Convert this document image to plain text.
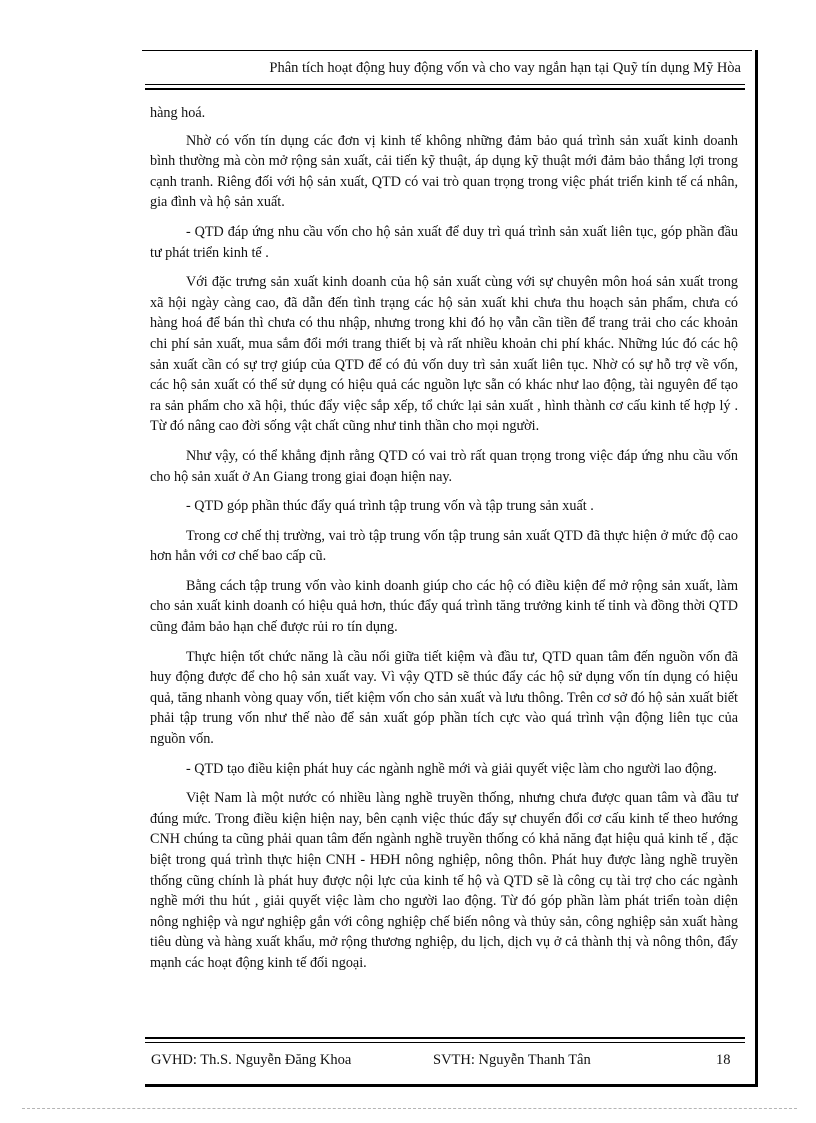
Phân tích hoạt động huy động vốn và cho vay ngắn hạn tại Quỹ tín dụng Mỹ Hòa

hàng hoá.

Nhờ có vốn tín dụng các đơn vị kinh tế không những đảm bảo quá trình sản xuất kinh doanh bình thường mà còn mở rộng sản xuất, cải tiến kỹ thuật, áp dụng kỹ thuật mới đảm bảo thắng lợi trong cạnh tranh. Riêng đối với hộ sản xuất, QTD có vai trò quan trọng trong việc phát triển kinh tế cá nhân, gia đình và hộ sản xuất.

- QTD đáp ứng nhu cầu vốn cho hộ sản xuất để duy trì quá trình sản xuất liên tục, góp phần đầu tư phát triển kinh tế .

Với đặc trưng sản xuất kinh doanh của hộ sản xuất cùng với sự chuyên môn hoá sản xuất trong xã hội ngày càng cao, đã dẫn đến tình trạng các hộ sản xuất khi chưa thu hoạch sản phẩm, chưa có hàng hoá để bán thì chưa có thu nhập, nhưng trong khi đó họ vẫn cần tiền để trang trải cho các khoản chi phí sản xuất, mua sắm đổi mới trang thiết bị và rất nhiều khoản chi phí khác. Những lúc đó các hộ sản xuất cần có sự trợ giúp của QTD để có đủ vốn duy trì sản xuất liên tục. Nhờ có sự hỗ trợ về vốn, các hộ sản xuất có thể sử dụng có hiệu quả các nguồn lực sẵn có khác như lao động, tài nguyên để tạo ra sản phẩm cho xã hội, thúc đẩy việc sắp xếp, tổ chức lại sản xuất , hình thành cơ cấu kinh tế hợp lý . Từ đó nâng cao đời sống vật chất cũng như tinh thần cho mọi người.

Như vậy, có thể khẳng định rằng QTD có vai trò rất quan trọng trong việc đáp ứng nhu cầu vốn cho hộ sản xuất ở An Giang trong giai đoạn hiện nay.

- QTD góp phần thúc đẩy quá trình tập trung vốn và tập trung sản xuất .

Trong cơ chế thị trường, vai trò tập trung vốn tập trung sản xuất QTD đã thực hiện ở mức độ cao hơn hẳn với cơ chế bao cấp cũ.

Bằng cách tập trung vốn vào kinh doanh giúp cho các hộ có điều kiện để mở rộng sản xuất, làm cho sản xuất kinh doanh có hiệu quả hơn, thúc đẩy quá trình tăng trưởng kinh tế tỉnh và đồng thời QTD cũng đảm bảo hạn chế được rủi ro tín dụng.

Thực hiện tốt chức năng là cầu nối giữa tiết kiệm và đầu tư, QTD quan tâm đến nguồn vốn đã huy động được để cho hộ sản xuất vay. Vì vậy QTD sẽ thúc đẩy các hộ sử dụng vốn tín dụng có hiệu quả, tăng nhanh vòng quay vốn, tiết kiệm vốn cho sản xuất và lưu thông. Trên cơ sở đó hộ sản xuất biết phải tập trung vốn như thế nào để sản xuất góp phần tích cực vào quá trình vận động liên tục của nguồn vốn.

- QTD tạo điều kiện phát huy các ngành nghề mới và giải quyết việc làm cho người lao động.

Việt Nam là một nước có nhiều làng nghề truyền thống, nhưng chưa được quan tâm và đầu tư đúng mức. Trong điều kiện hiện nay, bên cạnh việc thúc đẩy sự chuyển đổi cơ cấu kinh tế theo hướng CNH chúng ta cũng phải quan tâm đến ngành nghề truyền thống có khả năng đạt hiệu quả kinh tế , đặc biệt trong quá trình thực hiện CNH - HĐH nông nghiệp, nông thôn. Phát huy được làng nghề truyền thống cũng chính là phát huy được nội lực của kinh tế hộ và QTD sẽ là công cụ tài trợ cho các ngành nghề mới thu hút , giải quyết việc làm cho người lao động. Từ đó góp phần làm phát triển toàn diện nông nghiệp và ngư nghiệp gắn với công nghiệp chế biến nông và thủy sản, công nghiệp sản xuất hàng tiêu dùng và hàng xuất khẩu, mở rộng thương nghiệp, du lịch, dịch vụ ở cả thành thị và nông thôn, đẩy mạnh các hoạt động kinh tế đối ngoại.

GVHD: Th.S. Nguyễn Đăng Khoa	SVTH: Nguyễn Thanh Tân	18
